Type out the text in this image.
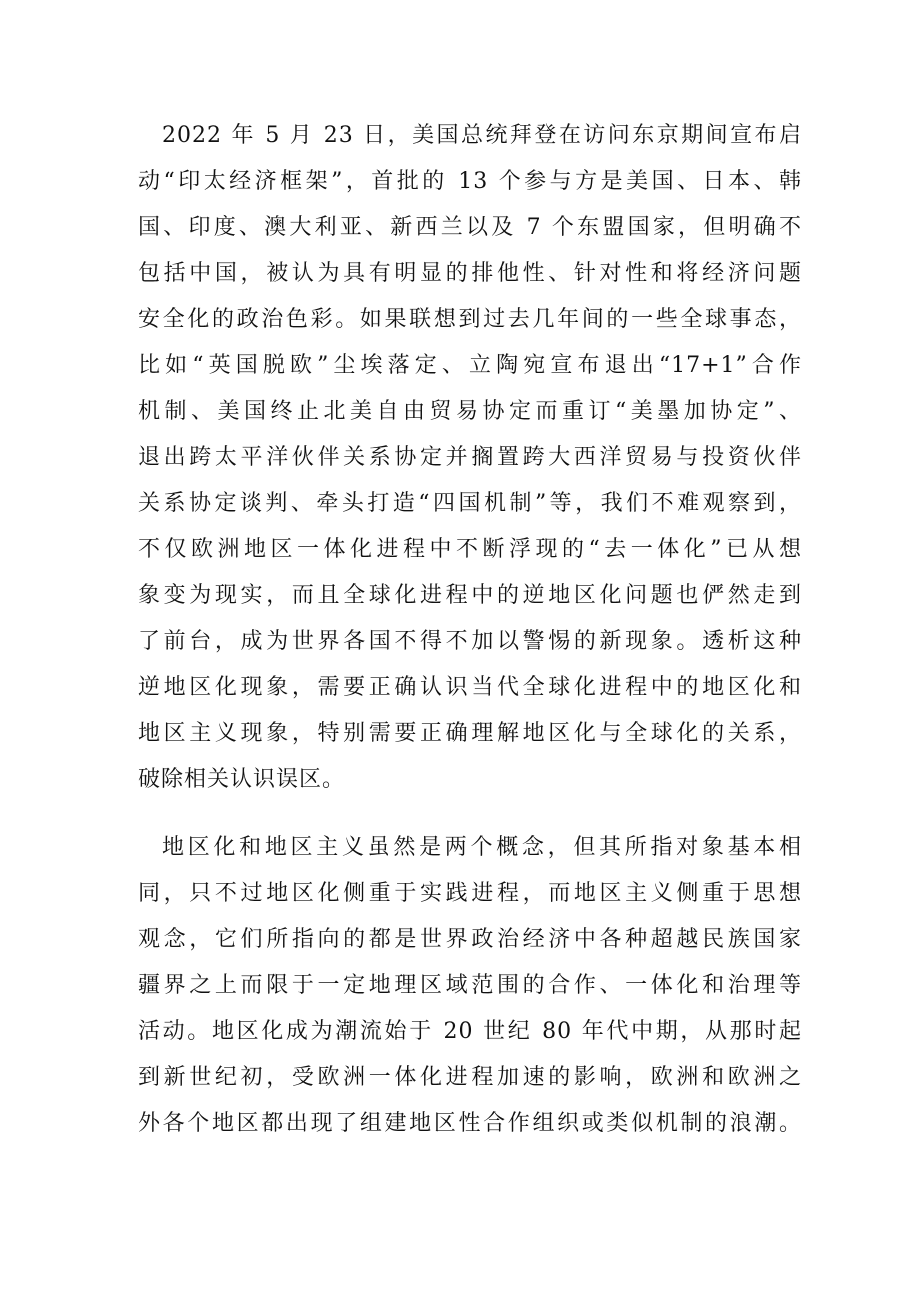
2022 年 5 月 23 日，美国总统拜登在访问东京期间宣布启
动“印太经济框架”，首批的 13 个参与方是美国、日本、韩
国、印度、澳大利亚、新西兰以及 7 个东盟国家，但明确不
包括中国，被认为具有明显的排他性、针对性和将经济问题
安全化的政治色彩。如果联想到过去几年间的一些全球事态，
比如“英国脱欧”尘埃落定、立陶宛宣布退出“17+1”合作
机制、美国终止北美自由贸易协定而重订“美墨加协定”、
退出跨太平洋伙伴关系协定并搁置跨大西洋贸易与投资伙伴
关系协定谈判、牵头打造“四国机制”等，我们不难观察到，
不仅欧洲地区一体化进程中不断浮现的“去一体化”已从想
象变为现实，而且全球化进程中的逆地区化问题也俨然走到
了前台，成为世界各国不得不加以警惕的新现象。透析这种
逆地区化现象，需要正确认识当代全球化进程中的地区化和
地区主义现象，特别需要正确理解地区化与全球化的关系，
破除相关认识误区。
地区化和地区主义虽然是两个概念，但其所指对象基本相
同，只不过地区化侧重于实践进程，而地区主义侧重于思想
观念，它们所指向的都是世界政治经济中各种超越民族国家
疆界之上而限于一定地理区域范围的合作、一体化和治理等
活动。地区化成为潮流始于 20 世纪 80 年代中期，从那时起
到新世纪初，受欧洲一体化进程加速的影响，欧洲和欧洲之
外各个地区都出现了组建地区性合作组织或类似机制的浪潮。
